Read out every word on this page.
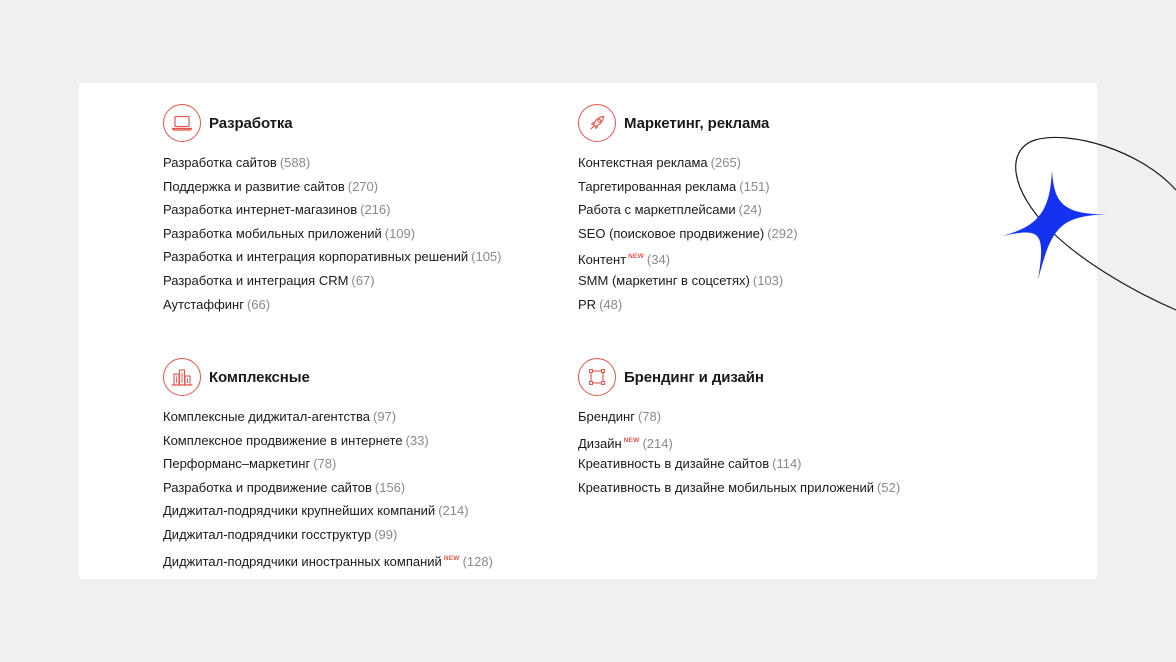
Разработка
Разработка сайтов (588)
Поддержка и развитие сайтов (270)
Разработка интернет-магазинов (216)
Разработка мобильных приложений (109)
Разработка и интеграция корпоративных решений (105)
Разработка и интеграция CRM (67)
Аутстаффинг (66)
Маркетинг, реклама
Контекстная реклама (265)
Таргетированная реклама (151)
Работа с маркетплейсами (24)
SEO (поисковое продвижение) (292)
Контент $^{NEW}$ (34)
SMM (маркетинг в соцсетях) (103)
PR (48)
Комплексные
Комплексные диджитал-агентства (97)
Комплексное продвижение в интернете (33)
Перформанс–маркетинг (78)
Разработка и продвижение сайтов (156)
Диджитал-подрядчики крупнейших компаний (214)
Диджитал-подрядчики госструктур (99)
Диджитал-подрядчики иностранных компаний $^{NEW}$ (128)
Брендинг и дизайн
Брендинг (78)
Дизайн $^{NEW}$ (214)
Креативность в дизайне сайтов (114)
Креативность в дизайне мобильных приложений (52)
